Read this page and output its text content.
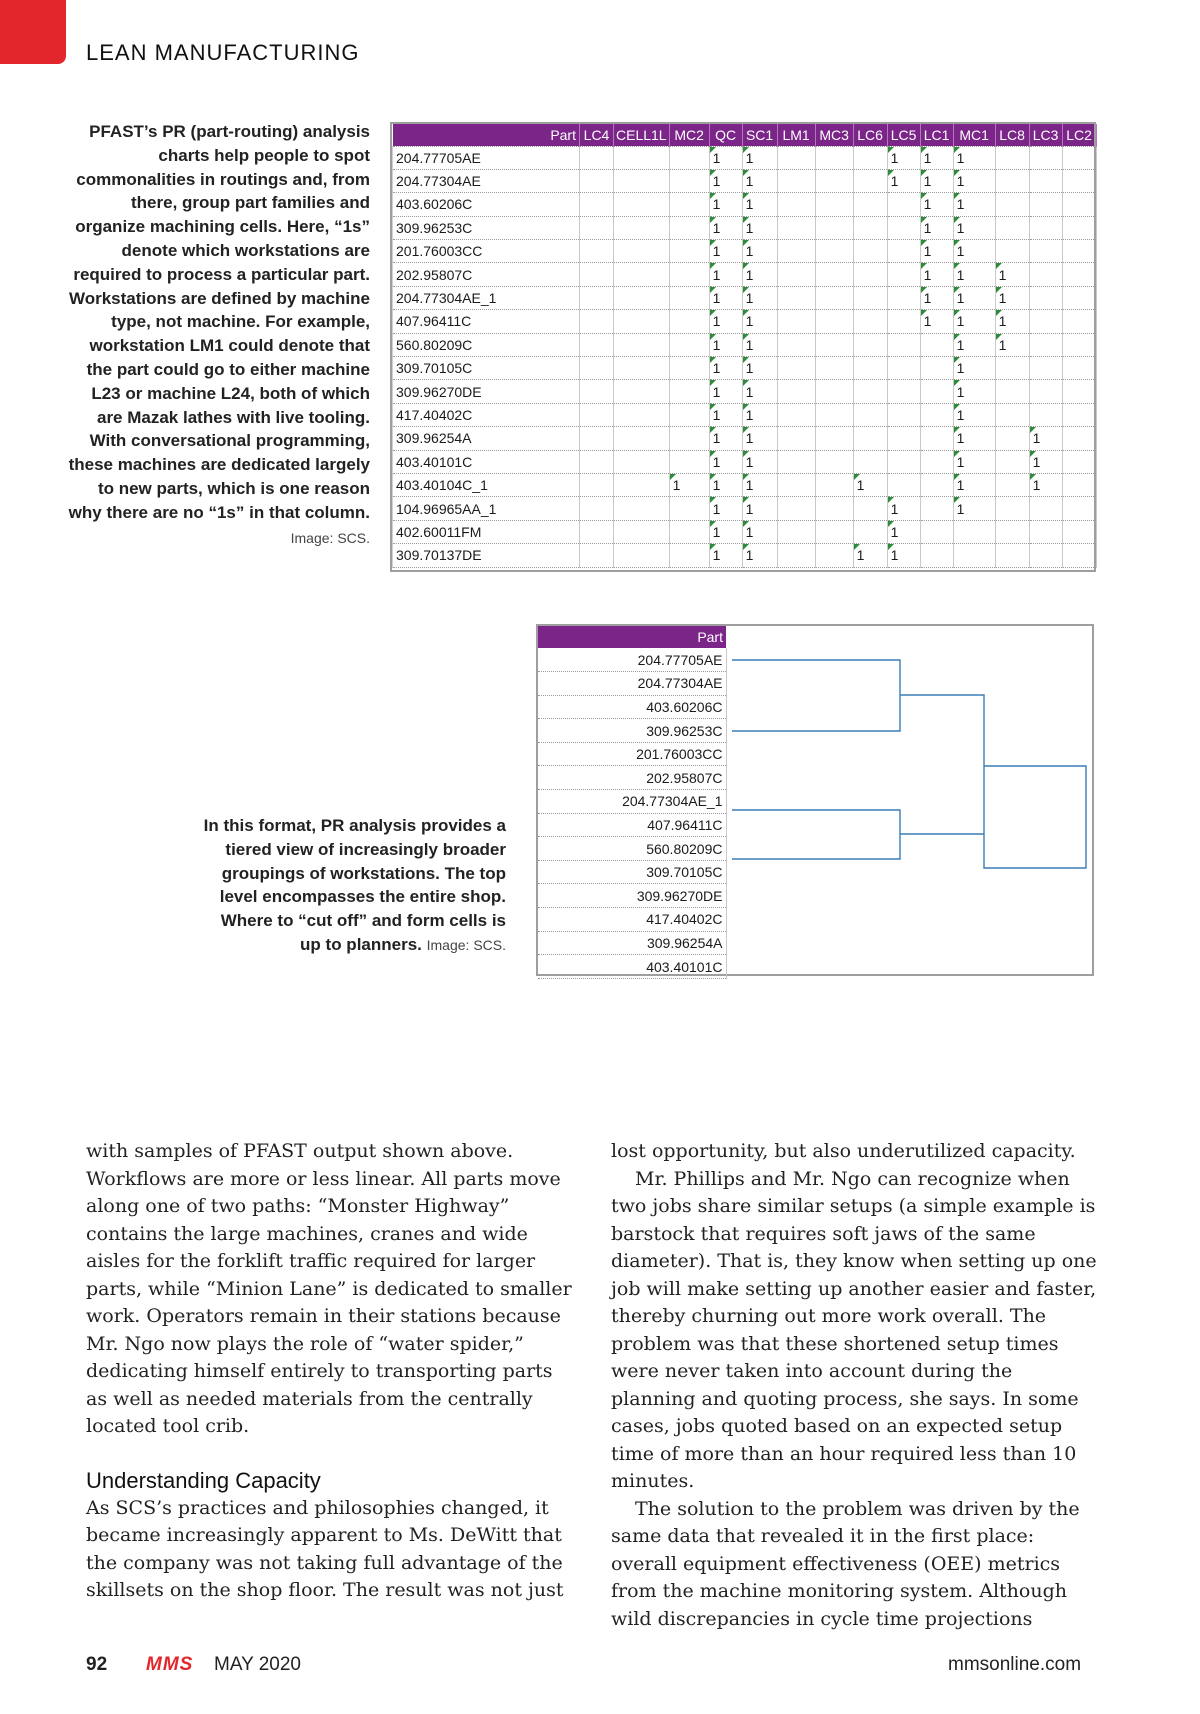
LEAN MANUFACTURING
PFAST’s PR (part-routing) analysis charts help people to spot commonalities in routings and, from there, group part families and organize machining cells. Here, “1s” denote which workstations are required to process a particular part. Workstations are defined by machine type, not machine. For example, workstation LM1 could denote that the part could go to either machine L23 or machine L24, both of which are Mazak lathes with live tooling. With conversational programming, these machines are dedicated largely to new parts, which is one reason why there are no “1s” in that column.
Image: SCS.
Part	LC4	CELL1L	MC2	QC	SC1	LM1	MC3	LC6	LC5	LC1	MC1	LC8	LC3	LC2
204.77705AE				1	1				1	1	1			
204.77304AE				1	1				1	1	1			
403.60206C				1	1					1	1			
309.96253C				1	1					1	1			
201.76003CC				1	1					1	1			
202.95807C				1	1					1	1	1		
204.77304AE_1				1	1					1	1	1		
407.96411C				1	1					1	1	1		
560.80209C				1	1						1	1		
309.70105C				1	1						1			
309.96270DE				1	1						1			
417.40402C				1	1						1			
309.96254A				1	1						1		1	
403.40101C				1	1						1		1	
403.40104C_1			1	1	1			1			1		1	
104.96965AA_1				1	1				1		1			
402.60011FM				1	1				1					
309.70137DE				1	1			1	1					
In this format, PR analysis provides a tiered view of increasingly broader groupings of workstations. The top level encompasses the entire shop. Where to “cut off” and form cells is up to planners. Image: SCS.
Part
204.77705AE
204.77304AE
403.60206C
309.96253C
201.76003CC
202.95807C
204.77304AE_1
407.96411C
560.80209C
309.70105C
309.96270DE
417.40402C
309.96254A
403.40101C

with samples of PFAST output shown above. Workflows are more or less linear. All parts move along one of two paths: “Monster Highway” contains the large machines, cranes and wide aisles for the forklift traffic required for larger parts, while “Minion Lane” is dedicated to smaller work. Operators remain in their stations because Mr. Ngo now plays the role of “water spider,” dedicating himself entirely to transporting parts as well as needed materials from the centrally located tool crib.

Understanding Capacity

As SCS’s practices and philosophies changed, it became increasingly apparent to Ms. DeWitt that the company was not taking full advantage of the skillsets on the shop floor. The result was not just

lost opportunity, but also underutilized capacity.

Mr. Phillips and Mr. Ngo can recognize when two jobs share similar setups (a simple example is barstock that requires soft jaws of the same diameter). That is, they know when setting up one job will make setting up another easier and faster, thereby churning out more work overall. The problem was that these shortened setup times were never taken into account during the planning and quoting process, she says. In some cases, jobs quoted based on an expected setup time of more than an hour required less than 10 minutes.

The solution to the problem was driven by the same data that revealed it in the first place: overall equipment effectiveness (OEE) metrics from the machine monitoring system. Although wild discrepancies in cycle time projections

92 MMS MAY 2020	mmsonline.com
